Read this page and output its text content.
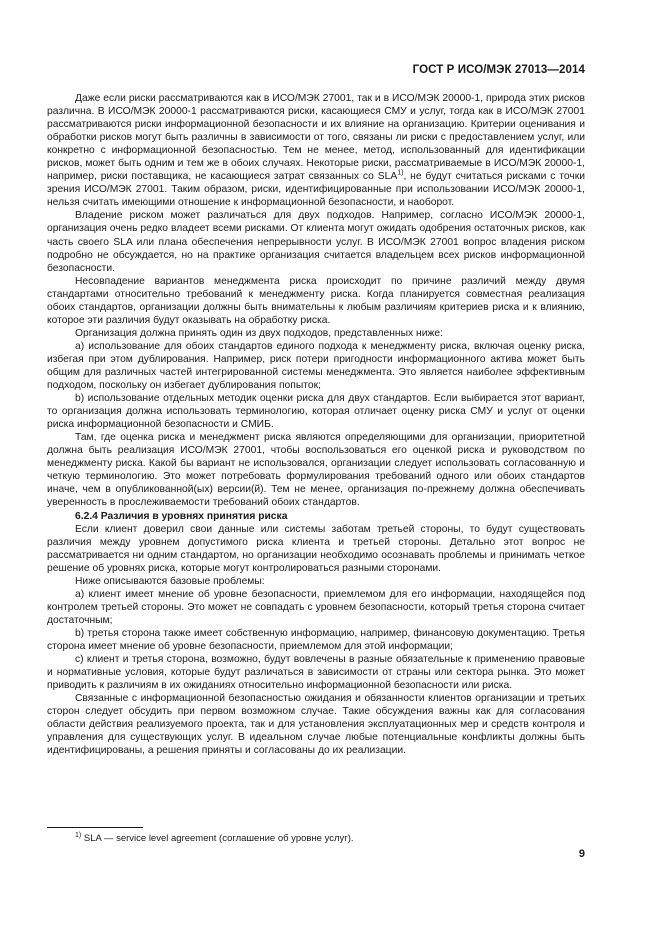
ГОСТ Р ИСО/МЭК 27013—2014

Даже если риски рассматриваются как в ИСО/МЭК 27001, так и в ИСО/МЭК 20000-1, природа этих рисков различна. В ИСО/МЭК 20000-1 рассматриваются риски, касающиеся СМУ и услуг, тогда как в ИСО/МЭК 27001 рассматриваются риски информационной безопасности и их влияние на организацию. Критерии оценивания и обработки рисков могут быть различны в зависимости от того, связаны ли риски с предоставлением услуг, или конкретно с информационной безопасностью. Тем не менее, метод, использованный для идентификации рисков, может быть одним и тем же в обоих случаях. Некоторые риски, рассматриваемые в ИСО/МЭК 20000-1, например, риски поставщика, не касающиеся затрат связанных со SLA$^{1)}$, не будут считаться рисками с точки зрения ИСО/МЭК 27001. Таким образом, риски, идентифицированные при использовании ИСО/МЭК 20000-1, нельзя считать имеющими отношение к информационной безопасности, и наоборот.

Владение риском может различаться для двух подходов. Например, согласно ИСО/МЭК 20000-1, организация очень редко владеет всеми рисками. От клиента могут ожидать одобрения остаточных рисков, как часть своего SLA или плана обеспечения непрерывности услуг. В ИСО/МЭК 27001 вопрос владения риском подробно не обсуждается, но на практике организация считается владельцем всех рисков информационной безопасности.

Несовпадение вариантов менеджмента риска происходит по причине различий между двумя стандартами относительно требований к менеджменту риска. Когда планируется совместная реализация обоих стандартов, организации должны быть внимательны к любым различиям критериев риска и к влиянию, которое эти различия будут оказывать на обработку риска.

Организация должна принять один из двух подходов, представленных ниже:

a) использование для обоих стандартов единого подхода к менеджменту риска, включая оценку риска, избегая при этом дублирования. Например, риск потери пригодности информационного актива может быть общим для различных частей интегрированной системы менеджмента. Это является наиболее эффективным подходом, поскольку он избегает дублирования попыток;

b) использование отдельных методик оценки риска для двух стандартов. Если выбирается этот вариант, то организация должна использовать терминологию, которая отличает оценку риска СМУ и услуг от оценки риска информационной безопасности и СМИБ.

Там, где оценка риска и менеджмент риска являются определяющими для организации, приоритетной должна быть реализация ИСО/МЭК 27001, чтобы воспользоваться его оценкой риска и руководством по менеджменту риска. Какой бы вариант не использовался, организации следует использовать согласованную и четкую терминологию. Это может потребовать формулирования требований одного или обоих стандартов иначе, чем в опубликованной(ых) версии(й). Тем не менее, организация по-прежнему должна обеспечивать уверенность в прослеживаемости требований обоих стандартов.

6.2.4 Различия в уровнях принятия риска

Если клиент доверил свои данные или системы заботам третьей стороны, то будут существовать различия между уровнем допустимого риска клиента и третьей стороны. Детально этот вопрос не рассматривается ни одним стандартом, но организации необходимо осознавать проблемы и принимать четкое решение об уровнях риска, которые могут контролироваться разными сторонами.

Ниже описываются базовые проблемы:

a) клиент имеет мнение об уровне безопасности, приемлемом для его информации, находящейся под контролем третьей стороны. Это может не совпадать с уровнем безопасности, который третья сторона считает достаточным;

b) третья сторона также имеет собственную информацию, например, финансовую документацию. Третья сторона имеет мнение об уровне безопасности, приемлемом для этой информации;

c) клиент и третья сторона, возможно, будут вовлечены в разные обязательные к применению правовые и нормативные условия, которые будут различаться в зависимости от страны или сектора рынка. Это может приводить к различиям в их ожиданиях относительно информационной безопасности или риска.

Связанные с информационной безопасностью ожидания и обязанности клиентов организации и третьих сторон следует обсудить при первом возможном случае. Такие обсуждения важны как для согласования области действия реализуемого проекта, так и для установления эксплуатационных мер и средств контроля и управления для существующих услуг. В идеальном случае любые потенциальные конфликты должны быть идентифицированы, а решения приняты и согласованы до их реализации.

$^{1)}$ SLA — service level agreement (соглашение об уровне услуг).
9
